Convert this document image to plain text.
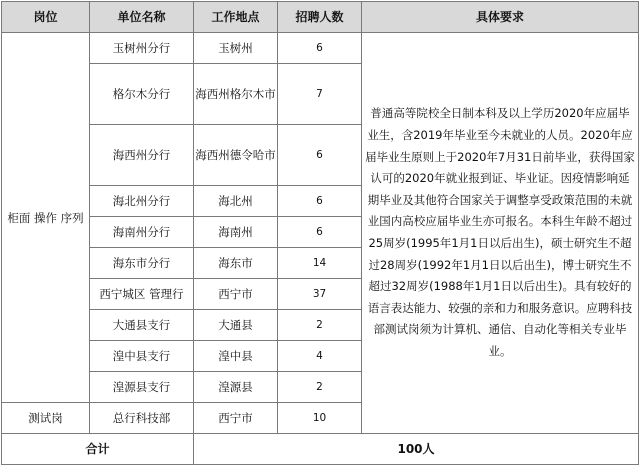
岗位	单位名称	工作地点	招聘人数	具体要求
柜面 操作 序列	玉树州分行	玉树州	6	普通高等院校全日制本科及以上学历2020年应届毕业生，含2019年毕业至今未就业的人员。2020年应届毕业生原则上于2020年7月31日前毕业，获得国家认可的2020年就业报到证、毕业证。因疫情影响延期毕业及其他符合国家关于调整享受政策范围的未就业国内高校应届毕业生亦可报名。本科生年龄不超过25周岁(1995年1月1日以后出生)，硕士研究生不超过28周岁(1992年1月1日以后出生)，博士研究生不超过32周岁(1988年1月1日以后出生)。具有较好的语言表达能力、较强的亲和力和服务意识。应聘科技部测试岗须为计算机、通信、自动化等相关专业毕业。
	格尔木分行	海西州格尔木市	7	
	海西州分行	海西州德令哈市	6	
	海北州分行	海北州	6	
	海南州分行	海南州	6	
	海东市分行	海东市	14	
	西宁城区 管理行	西宁市	37	
	大通县支行	大通县	2	
	湟中县支行	湟中县	4	
	湟源县支行	湟源县	2	
测试岗	总行科技部	西宁市	10	
合计		100人		
